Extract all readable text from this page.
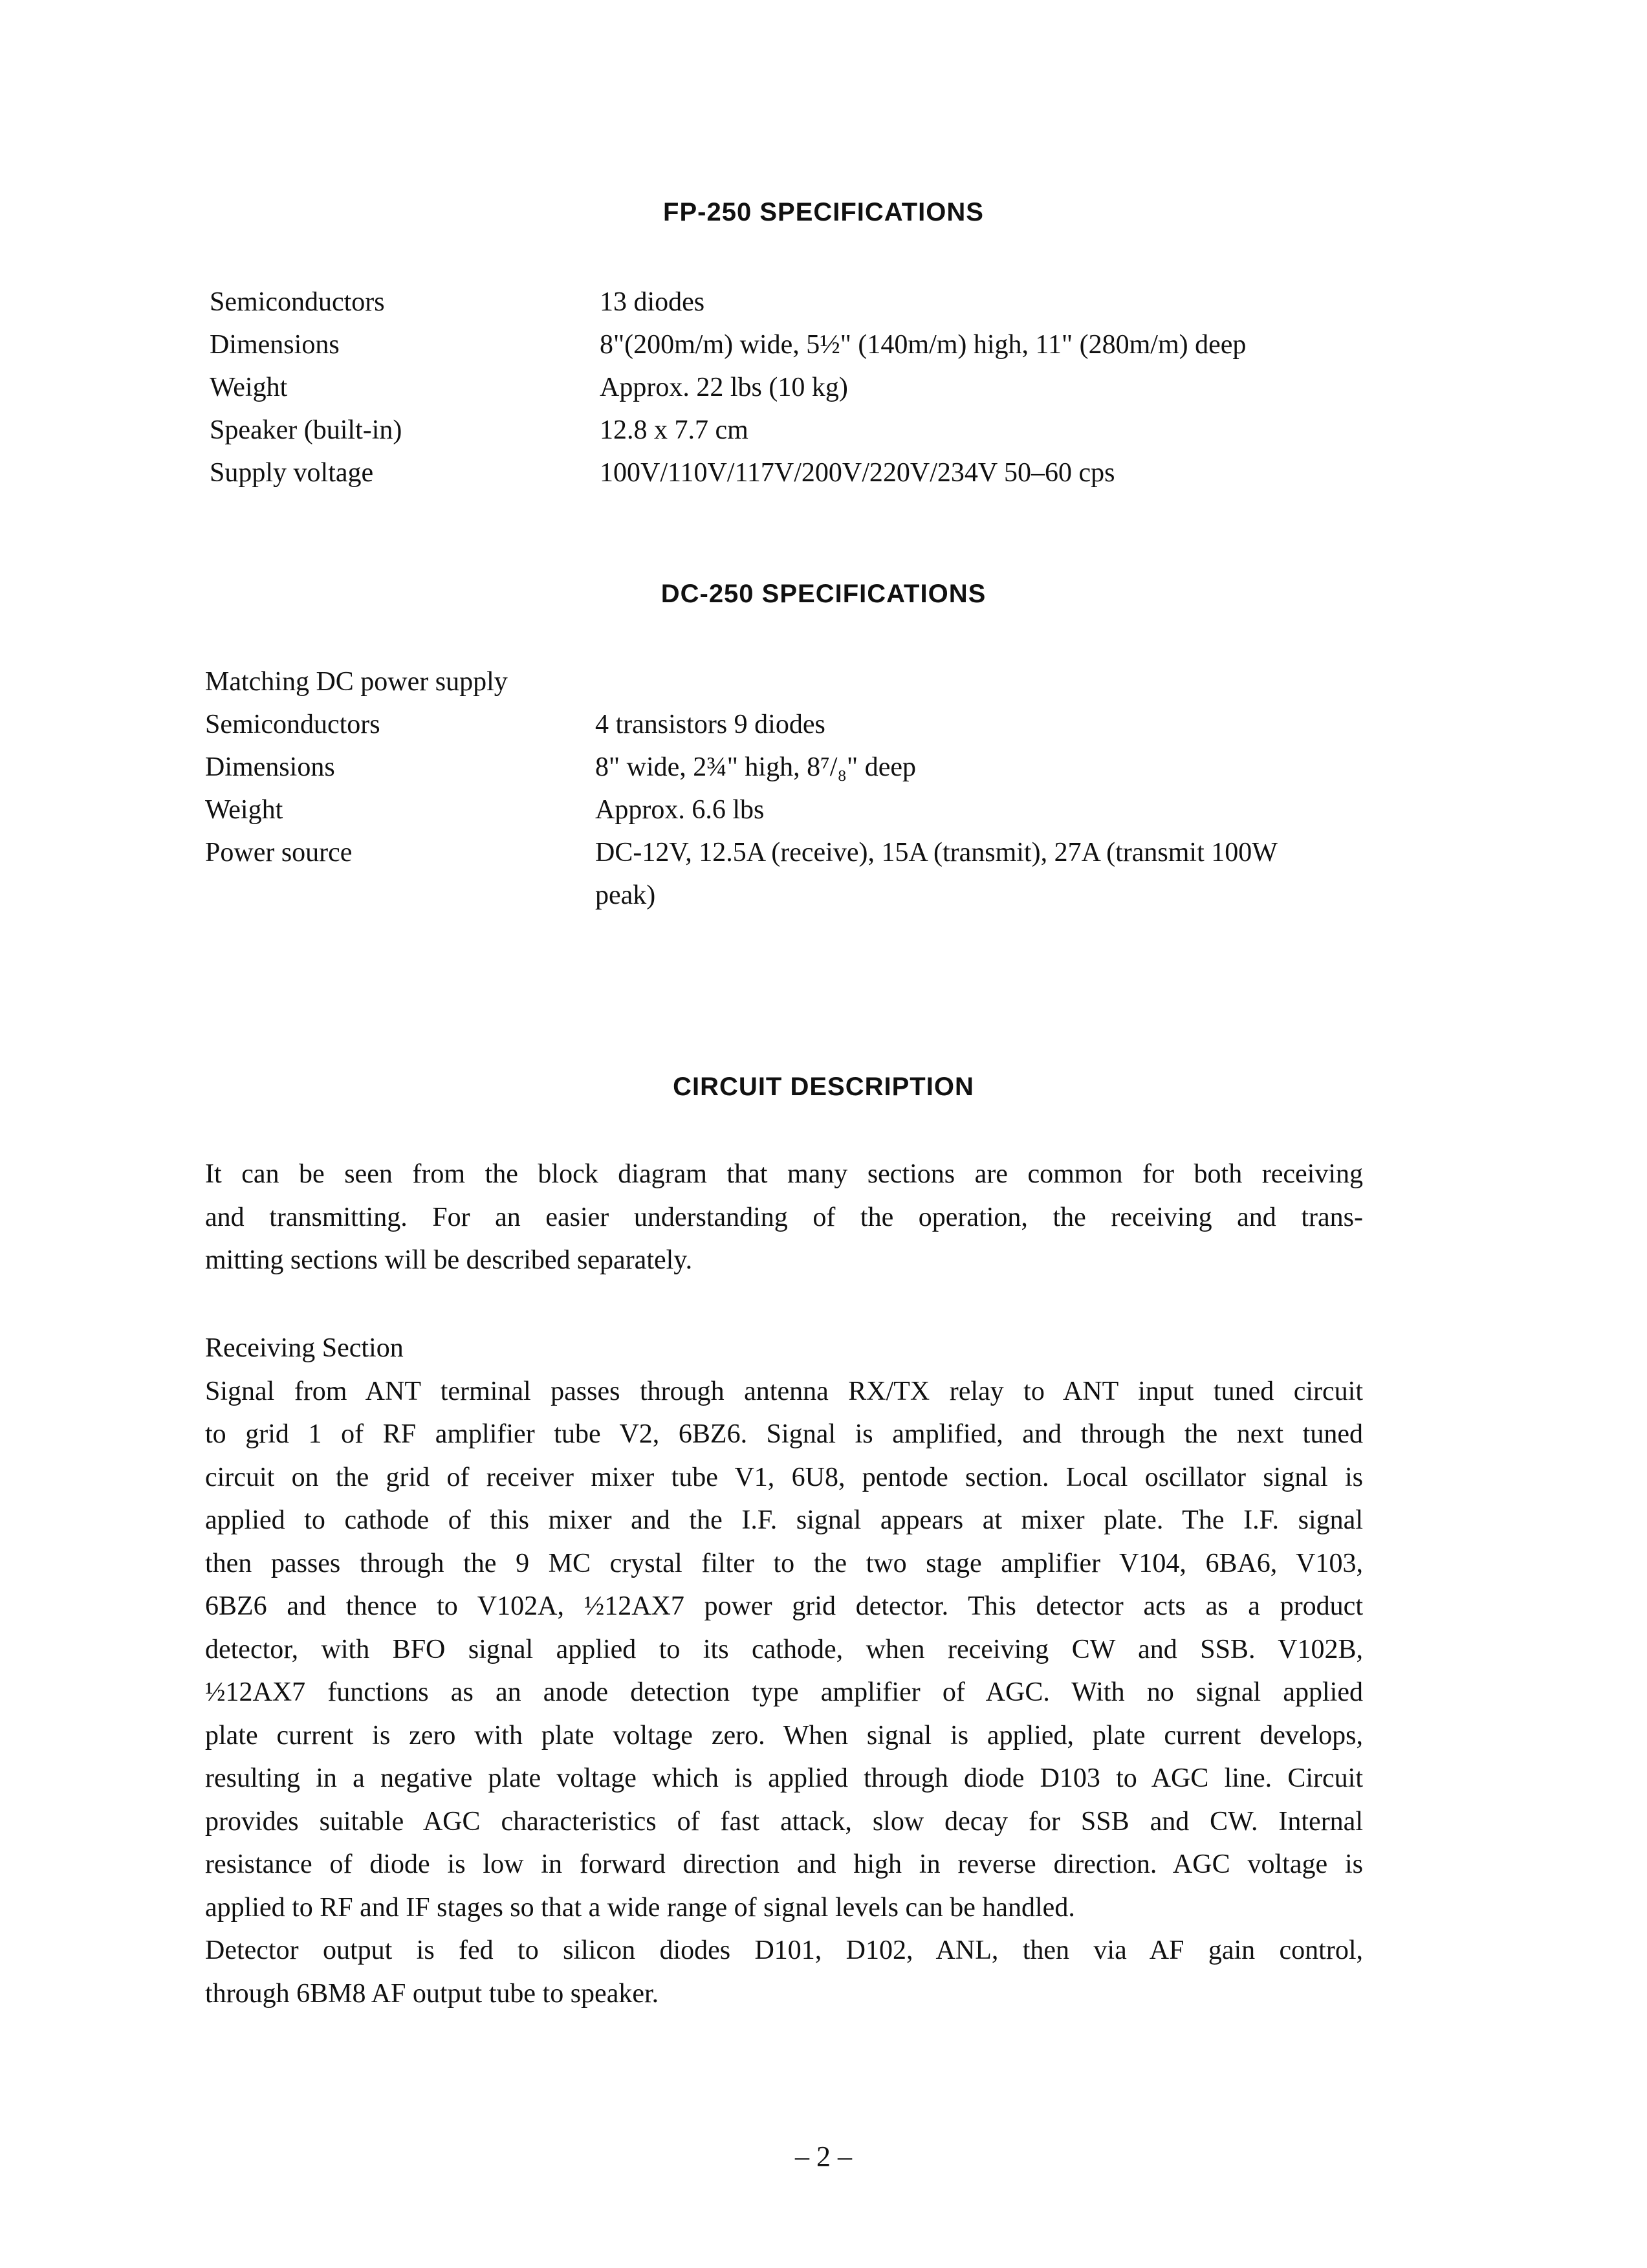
FP-250 SPECIFICATIONS
Semiconductors	13 diodes
Dimensions	8"(200m/m) wide, 5½" (140m/m) high, 11" (280m/m) deep
Weight	Approx. 22 lbs (10 kg)
Speaker (built-in)	12.8 x 7.7 cm
Supply voltage	100V/110V/117V/200V/220V/234V 50–60 cps
DC-250 SPECIFICATIONS
Matching DC power supply
Semiconductors	4 transistors 9 diodes
Dimensions	8" wide, 2¾" high, 8⁷/₈" deep
Weight	Approx. 6.6 lbs
Power source	DC-12V, 12.5A (receive), 15A (transmit), 27A (transmit 100W
peak)
CIRCUIT DESCRIPTION
It can be seen from the block diagram that many sections are common for both receiving
and transmitting. For an easier understanding of the operation, the receiving and trans-
mitting sections will be described separately.
Receiving Section
Signal from ANT terminal passes through antenna RX/TX relay to ANT input tuned circuit
to grid 1 of RF amplifier tube V2, 6BZ6. Signal is amplified, and through the next tuned
circuit on the grid of receiver mixer tube V1, 6U8, pentode section. Local oscillator signal is
applied to cathode of this mixer and the I.F. signal appears at mixer plate. The I.F. signal
then passes through the 9 MC crystal filter to the two stage amplifier V104, 6BA6, V103,
6BZ6 and thence to V102A, ½12AX7 power grid detector. This detector acts as a product
detector, with BFO signal applied to its cathode, when receiving CW and SSB. V102B,
½12AX7 functions as an anode detection type amplifier of AGC. With no signal applied
plate current is zero with plate voltage zero. When signal is applied, plate current develops,
resulting in a negative plate voltage which is applied through diode D103 to AGC line. Circuit
provides suitable AGC characteristics of fast attack, slow decay for SSB and CW. Internal
resistance of diode is low in forward direction and high in reverse direction. AGC voltage is
applied to RF and IF stages so that a wide range of signal levels can be handled.
Detector output is fed to silicon diodes D101, D102, ANL, then via AF gain control,
through 6BM8 AF output tube to speaker.
– 2 –
